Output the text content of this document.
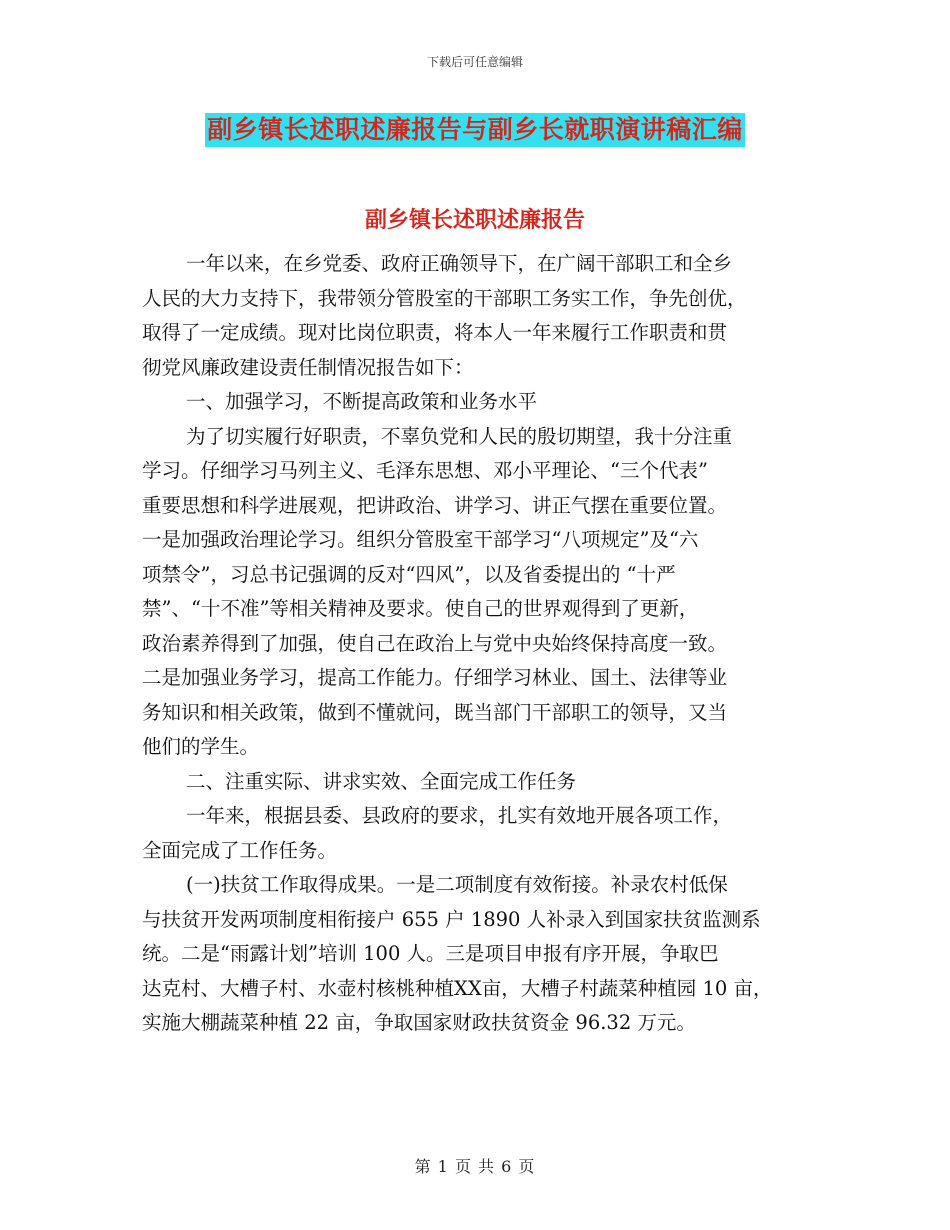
下载后可任意编辑
副乡镇长述职述廉报告与副乡长就职演讲稿汇编
副乡镇长述职述廉报告
一年以来，在乡党委、政府正确领导下，在广阔干部职工和全乡
人民的大力支持下，我带领分管股室的干部职工务实工作，争先创优，
取得了一定成绩。现对比岗位职责，将本人一年来履行工作职责和贯
彻党风廉政建设责任制情况报告如下：
一、加强学习，不断提高政策和业务水平
为了切实履行好职责，不辜负党和人民的殷切期望，我十分注重
学习。仔细学习马列主义、毛泽东思想、邓小平理论、“三个代表”
重要思想和科学进展观，把讲政治、讲学习、讲正气摆在重要位置。
一是加强政治理论学习。组织分管股室干部学习“八项规定”及“六
项禁令”，习总书记强调的反对“四风”，以及省委提出的 “十严
禁”、“十不准”等相关精神及要求。使自己的世界观得到了更新，
政治素养得到了加强，使自己在政治上与党中央始终保持高度一致。
二是加强业务学习，提高工作能力。仔细学习林业、国土、法律等业
务知识和相关政策，做到不懂就问，既当部门干部职工的领导，又当
他们的学生。
二、注重实际、讲求实效、全面完成工作任务
一年来，根据县委、县政府的要求，扎实有效地开展各项工作，
全面完成了工作任务。
(一)扶贫工作取得成果。一是二项制度有效衔接。补录农村低保
与扶贫开发两项制度相衔接户 655 户 1890 人补录入到国家扶贫监测系
统。二是“雨露计划”培训 100 人。三是项目申报有序开展，争取巴
达克村、大槽子村、水壶村核桃种植XX亩，大槽子村蔬菜种植园 10 亩，
实施大棚蔬菜种植 22 亩，争取国家财政扶贫资金 96.32 万元。
第 1 页 共 6 页
